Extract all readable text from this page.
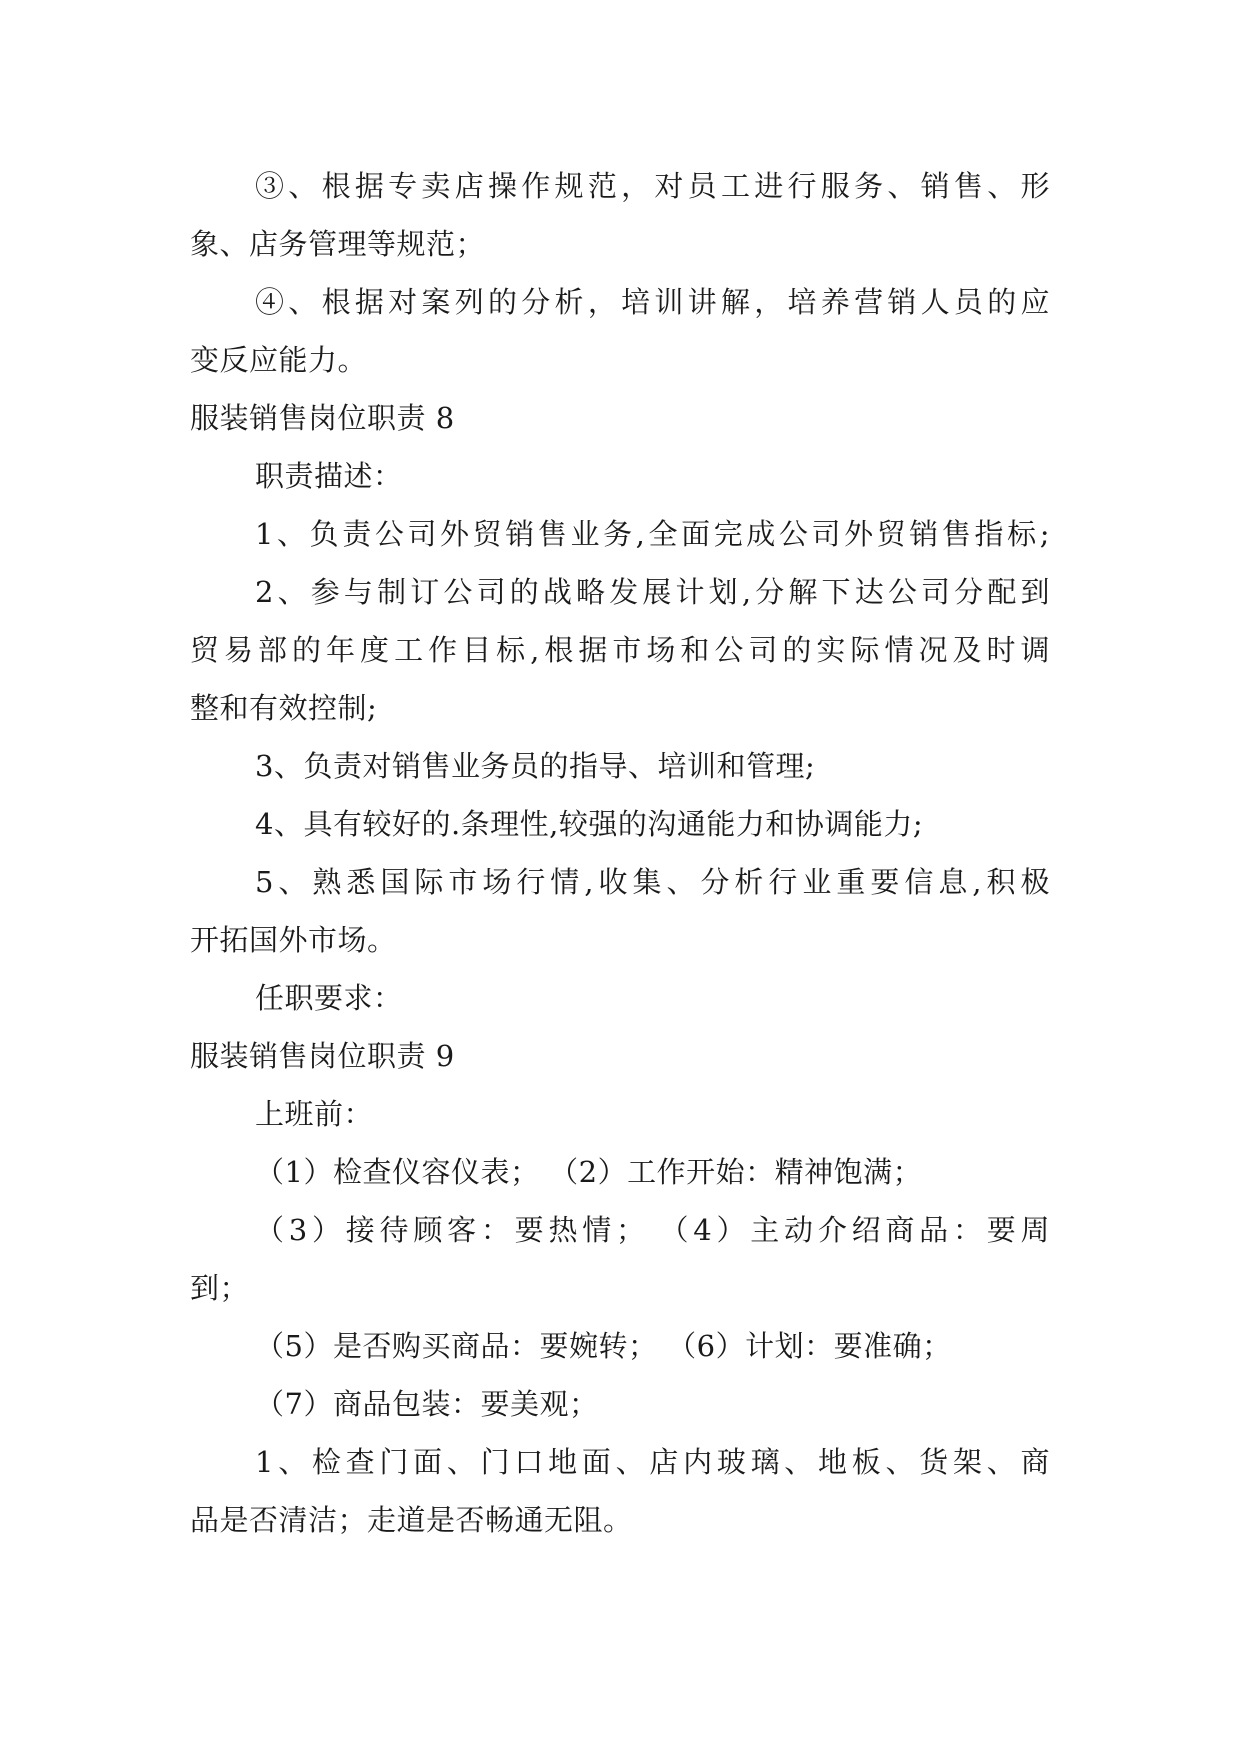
③、根据专卖店操作规范，对员工进行服务、销售、形
象、店务管理等规范；
④、根据对案列的分析，培训讲解，培养营销人员的应
变反应能力。
服装销售岗位职责 8
职责描述：
1、负责公司外贸销售业务,全面完成公司外贸销售指标;
2、参与制订公司的战略发展计划,分解下达公司分配到
贸易部的年度工作目标,根据市场和公司的实际情况及时调
整和有效控制;
3、负责对销售业务员的指导、培训和管理;
4、具有较好的.条理性,较强的沟通能力和协调能力;
5、熟悉国际市场行情,收集、分析行业重要信息,积极
开拓国外市场。
任职要求：
服装销售岗位职责 9
上班前：
（1）检查仪容仪表； （2）工作开始：精神饱满；
（3）接待顾客：要热情； （4）主动介绍商品：要周
到；
（5）是否购买商品：要婉转； （6）计划：要准确；
（7）商品包装：要美观；
1、检查门面、门口地面、店内玻璃、地板、货架、商
品是否清洁；走道是否畅通无阻。
